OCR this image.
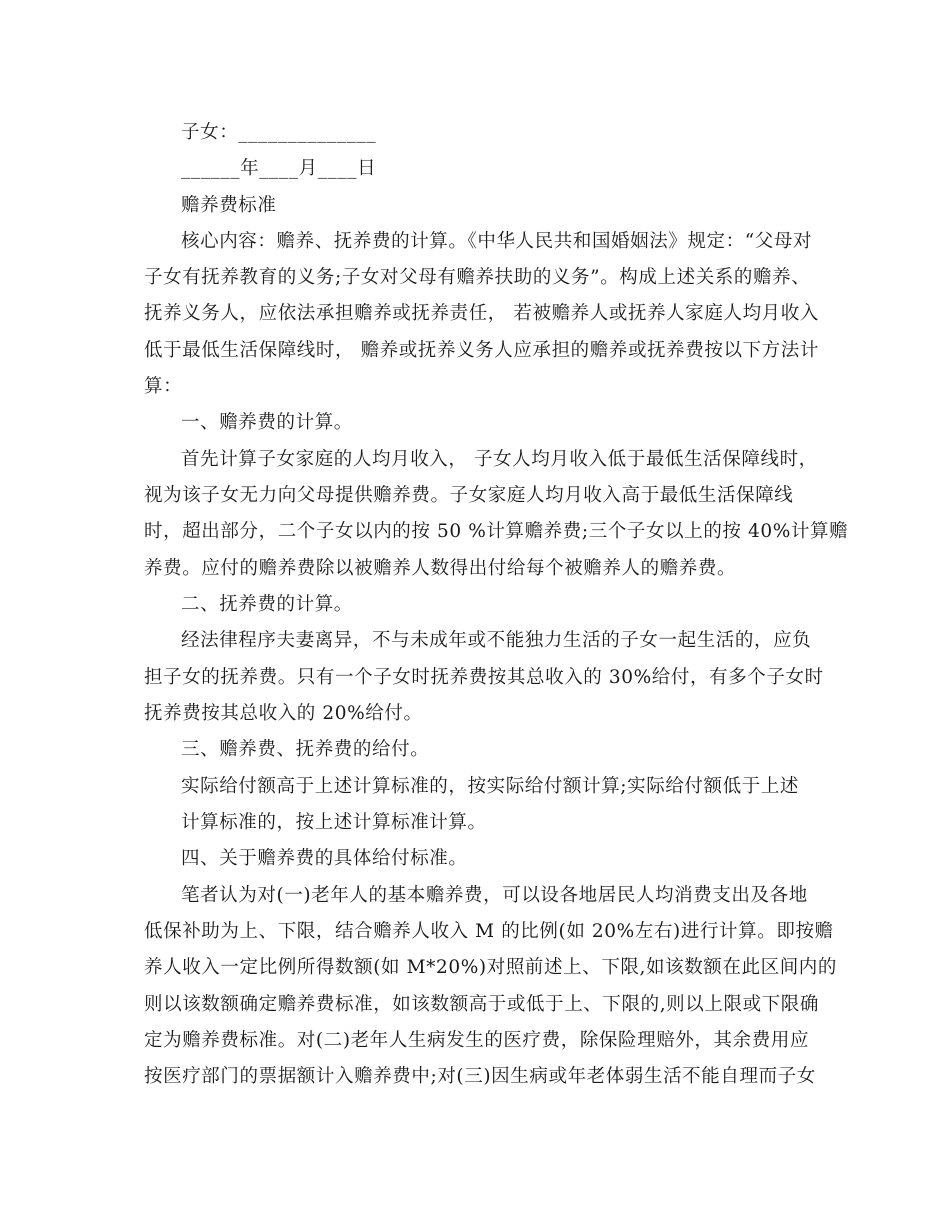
子女：______________
______年____月____日
赡养费标准
核心内容：赡养、抚养费的计算。《中华人民共和国婚姻法》规定：“父母对
子女有抚养教育的义务;子女对父母有赡养扶助的义务”。构成上述关系的赡养、
抚养义务人，应依法承担赡养或抚养责任， 若被赡养人或抚养人家庭人均月收入
低于最低生活保障线时， 赡养或抚养义务人应承担的赡养或抚养费按以下方法计
算：
一、赡养费的计算。
首先计算子女家庭的人均月收入， 子女人均月收入低于最低生活保障线时，
视为该子女无力向父母提供赡养费。子女家庭人均月收入高于最低生活保障线
时，超出部分，二个子女以内的按 50 %计算赡养费;三个子女以上的按 40%计算赡
养费。应付的赡养费除以被赡养人数得出付给每个被赡养人的赡养费。
二、抚养费的计算。
经法律程序夫妻离异，不与未成年或不能独力生活的子女一起生活的，应负
担子女的抚养费。只有一个子女时抚养费按其总收入的 30%给付，有多个子女时
抚养费按其总收入的 20%给付。
三、赡养费、抚养费的给付。
实际给付额高于上述计算标准的，按实际给付额计算;实际给付额低于上述
计算标准的，按上述计算标准计算。
四、关于赡养费的具体给付标准。
笔者认为对(一)老年人的基本赡养费，可以设各地居民人均消费支出及各地
低保补助为上、下限，结合赡养人收入 M 的比例(如 20%左右)进行计算。即按赡
养人收入一定比例所得数额(如 M*20%)对照前述上、下限,如该数额在此区间内的
则以该数额确定赡养费标准，如该数额高于或低于上、下限的,则以上限或下限确
定为赡养费标准。对(二)老年人生病发生的医疗费，除保险理赔外，其余费用应
按医疗部门的票据额计入赡养费中;对(三)因生病或年老体弱生活不能自理而子女
